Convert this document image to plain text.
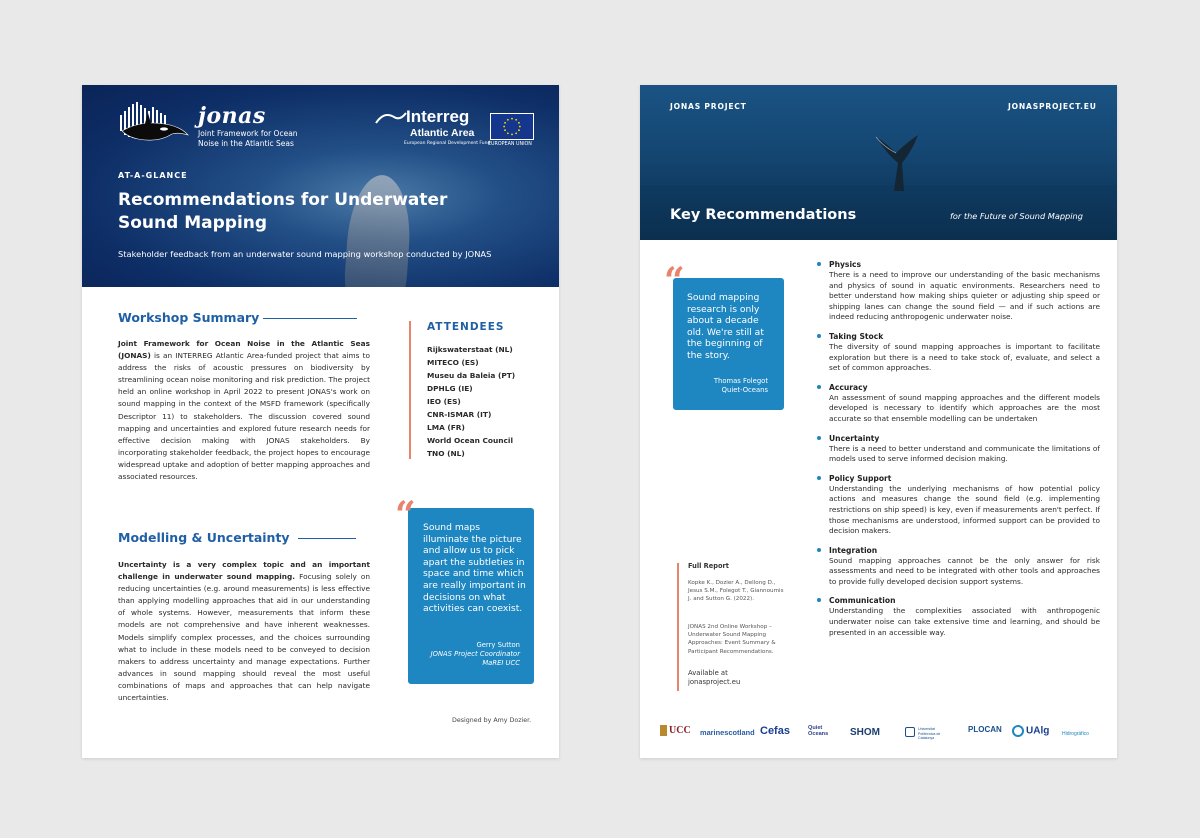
jonas
Joint Framework for Ocean Noise in the Atlantic Seas
Interreg
Atlantic Area
European Regional Development Fund
EUROPEAN UNION
AT-A-GLANCE
Recommendations for Underwater Sound Mapping
Stakeholder feedback from an underwater sound mapping workshop conducted by JONAS
Workshop Summary

Joint Framework for Ocean Noise in the Atlantic Seas (JONAS) is an INTERREG Atlantic Area-funded project that aims to address the risks of acoustic pressures on biodiversity by streamlining ocean noise monitoring and risk prediction. The project held an online workshop in April 2022 to present JONAS's work on sound mapping in the context of the MSFD framework (specifically Descriptor 11) to stakeholders. The discussion covered sound mapping and uncertainties and explored future research needs for effective decision making with JONAS stakeholders. By incorporating stakeholder feedback, the project hopes to encourage widespread uptake and adoption of better mapping approaches and associated resources.

ATTENDEES
Rijkswaterstaat (NL)
MITECO (ES)
Museu da Baleia (PT)
DPHLG (IE)
IEO (ES)
CNR-ISMAR (IT)
LMA (FR)
World Ocean Council
TNO (NL)
Modelling & Uncertainty

Uncertainty is a very complex topic and an important challenge in underwater sound mapping. Focusing solely on reducing uncertainties (e.g. around measurements) is less effective than applying modelling approaches that aid in our understanding of whole systems. However, measurements that inform these models are not comprehensive and have inherent weaknesses. Models simplify complex processes, and the choices surrounding what to include in these models need to be conveyed to decision makers to address uncertainty and manage expectations. Further advances in sound mapping should reveal the most useful combinations of maps and approaches that can help navigate uncertainties.

Sound maps illuminate the picture and allow us to pick apart the subtleties in space and time which are really important in decisions on what activities can coexist.
Gerry Sutton
JONAS Project Coordinator
MaREI UCC
“
Designed by Amy Dozier.
JONAS PROJECT	JONASPROJECT.EU
Key Recommendations	for the Future of Sound Mapping
Sound mapping research is only about a decade old. We're still at the beginning of the story.
Thomas Folegot
Quiet-Oceans
“	Physics
There is a need to improve our understanding of the basic mechanisms and physics of sound in aquatic environments. Researchers need to better understand how making ships quieter or adjusting ship speed or shipping lanes can change the sound field — and if such actions are indeed reducing anthropogenic underwater noise.
Taking Stock
The diversity of sound mapping approaches is important to facilitate exploration but there is a need to take stock of, evaluate, and select a set of common approaches.
Accuracy
An assessment of sound mapping approaches and the different models developed is necessary to identify which approaches are the most accurate so that ensemble modelling can be undertaken
Uncertainty
There is a need to better understand and communicate the limitations of models used to serve informed decision making.
Policy Support
Understanding the underlying mechanisms of how potential policy actions and measures change the sound field (e.g. implementing restrictions on ship speed) is key, even if measurements aren't perfect. If those mechanisms are understood, informed support can be provided to decision makers.
Integration
Sound mapping approaches cannot be the only answer for risk assessments and need to be integrated with other tools and approaches to provide fully developed decision support systems.
Communication
Understanding the complexities associated with anthropogenic underwater noise can take extensive time and learning, and should be presented in an accessible way.
Full Report
Kopke K., Dozier A., Dellong D., Jesus S.M., Folegot T., Giannoumis J. and Sutton G. (2022).
JONAS 2nd Online Workshop – Underwater Sound Mapping Approaches: Event Summary & Participant Recommendations.
Available at
jonasproject.eu
UCC marinescotland Cefas	Quiet Oceans	SHOM	Universitat Politècnica de Catalunya
PLOCAN	UAlg	Hidrográfico
